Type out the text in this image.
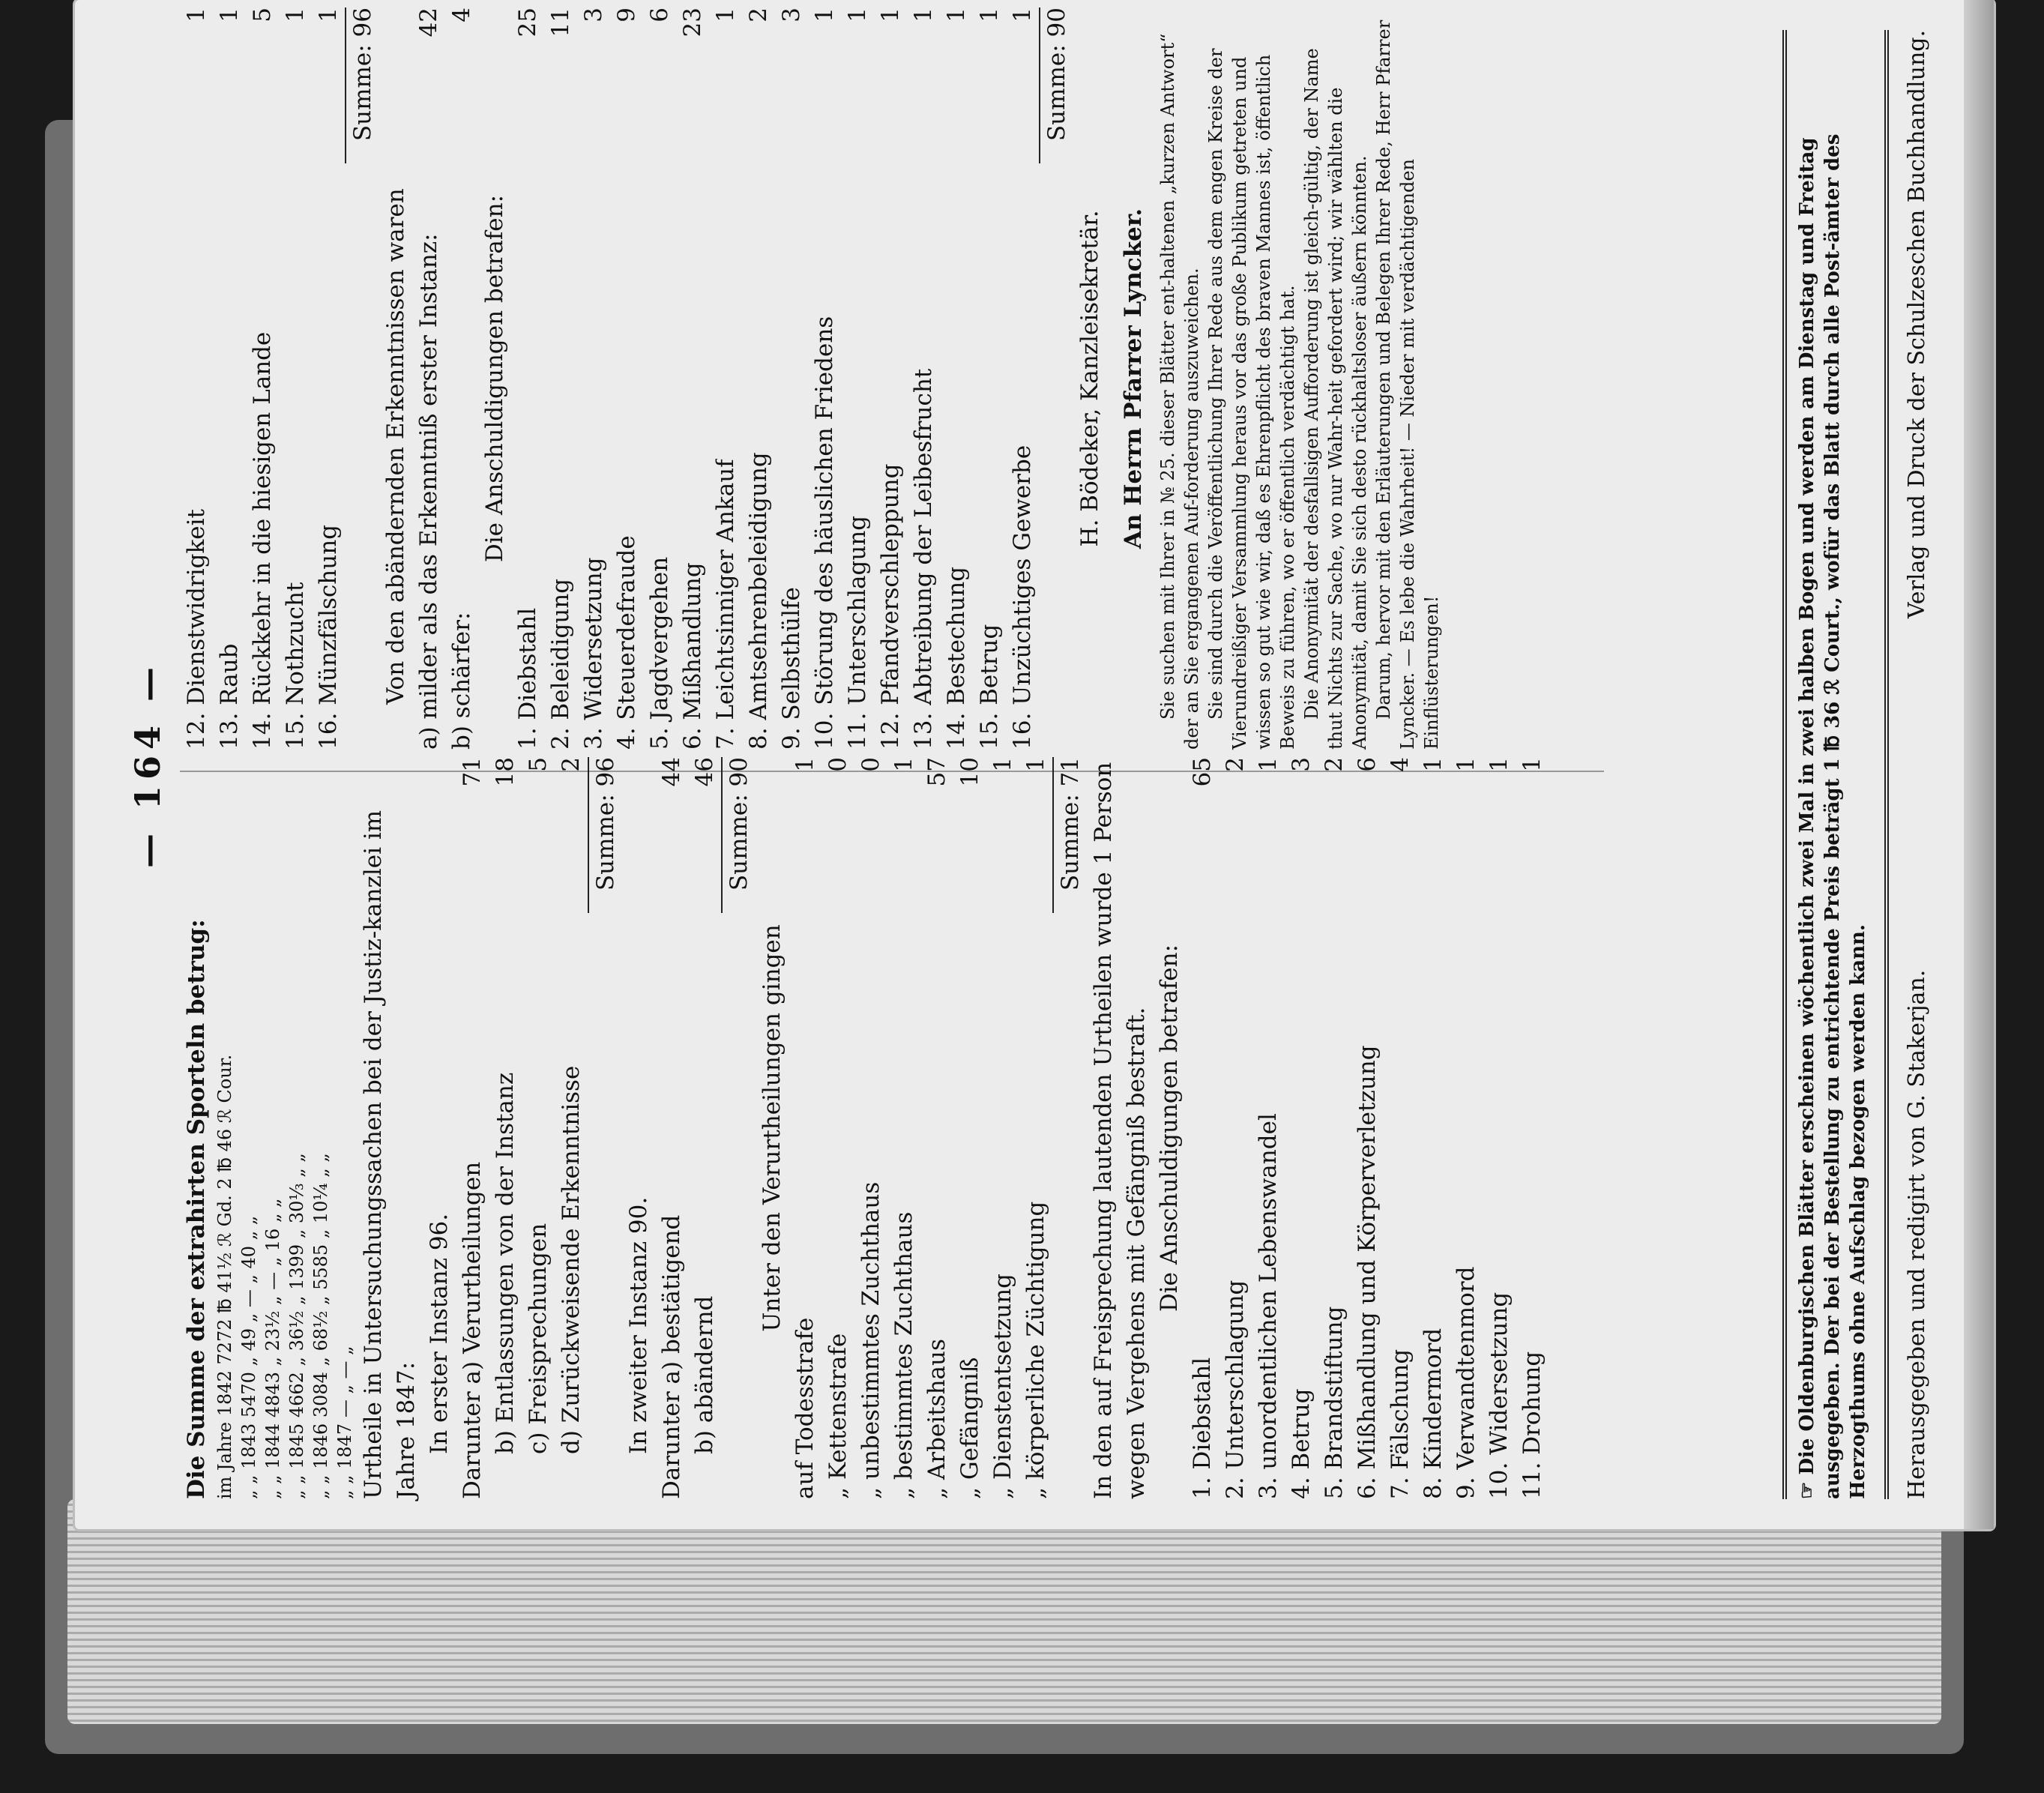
— 164 —
Die Summe der extrahirten Sporteln betrug: im Jahre 1842 7272 ℔ 41½ ℛ Gd. 2 ℔ 46 ℛ Cour. „ „ 1843 5470 „ 49 „ — „ 40 „ „ „ „ 1844 4843 „ 23½ „ — „ 16 „ „ „ „ 1845 4662 „ 36½ „ 1399 „ 30⅓ „ „ „ „ 1846 3084 „ 68½ „ 5585 „ 10¼ „ „ „ „ 1847 — „ — „ Urtheile in Untersuchungssachen bei der Justiz-kanzlei im Jahre 1847: In erster Instanz 96. Darunter a) Verurtheilungen
71
b) Entlassungen von der Instanz
18
c) Freisprechungen
5
d) Zurückweisende Erkenntnisse
2 Summe: 96
In zweiter Instanz 90. Darunter a) bestätigend
44
b) abändernd
46 Summe: 90
Unter den Verurtheilungen gingen
auf Todesstrafe
1
„ Kettenstrafe
0
„ unbestimmtes Zuchthaus
0
„ bestimmtes Zuchthaus
1
„ Arbeitshaus
57
„ Gefängniß
10
„ Dienstentsetzung
1
„ körperliche Züchtigung
1 Summe: 71 In den auf Freisprechung lautenden Urtheilen wurde 1 Person wegen Vergehens mit Gefängniß bestraft. Die Anschuldigungen betrafen:
1. Diebstahl
65
2. Unterschlagung
2
3. unordentlichen Lebenswandel
1
4. Betrug
3
5. Brandstiftung
2
6. Mißhandlung und Körperverletzung
6
7. Fälschung
4
8. Kindermord
1
9. Verwandtenmord
1
10. Widersetzung
1
11. Drohung
1
12. Dienstwidrigkeit
1
13. Raub
1
14. Rückkehr in die hiesigen Lande
5
15. Nothzucht
1
16. Münzfälschung
1 Summe: 96
Von den abändernden Erkenntnissen waren a) milder als das Erkenntniß erster Instanz:
42
b) schärfer:
4
Die Anschuldigungen betrafen:
1. Diebstahl
25
2. Beleidigung
11
3. Widersetzung
3
4. Steuerdefraude
9
5. Jagdvergehen
6
6. Mißhandlung
23
7. Leichtsinniger Ankauf
1
8. Amtsehrenbeleidigung
2
9. Selbsthülfe
3
10. Störung des häuslichen Friedens
1
11. Unterschlagung
1
12. Pfandverschleppung
1
13. Abtreibung der Leibesfrucht
1
14. Bestechung
1
15. Betrug
1
16. Unzüchtiges Gewerbe
1 Summe: 90
H. Bödeker, Kanzleisekretär. An Herrn Pfarrer Lyncker. Sie suchen mit Ihrer in № 25. dieser Blätter ent-haltenen „kurzen Antwort“ der an Sie ergangenen Auf-forderung auszuweichen. Sie sind durch die Veröffentlichung Ihrer Rede aus dem engen Kreise der Vierundreißiger Versammlung heraus vor das große Publikum getreten und wissen so gut wie wir, daß es Ehrenpflicht des braven Mannes ist, öffentlich Beweis zu führen, wo er öffentlich verdächtigt hat. Die Anonymität der desfallsigen Aufforderung ist gleich-gültig, der Name thut Nichts zur Sache, wo nur Wahr-heit gefordert wird; wir wählten die Anonymität, damit Sie sich desto rückhaltsloser äußern könnten. Darum, hervor mit den Erläuterungen und Belegen Ihrer Rede, Herr Pfarrer Lyncker. — Es lebe die Wahrheit! — Nieder mit verdächtigenden Einflüsterungen!	☞ Die Oldenburgischen Blätter erscheinen wöchentlich zwei Mal in zwei halben Bogen und werden am Dienstag und Freitag ausgegeben. Der bei der Bestellung zu entrichtende Preis beträgt 1 ℔ 36 ℛ Court., wofür das Blatt durch alle Post-ämter des Herzogthums ohne Aufschlag bezogen werden kann. Herausgegeben und redigirt von G. Stakerjan.
Verlag und Druck der Schulzeschen Buchhandlung.
